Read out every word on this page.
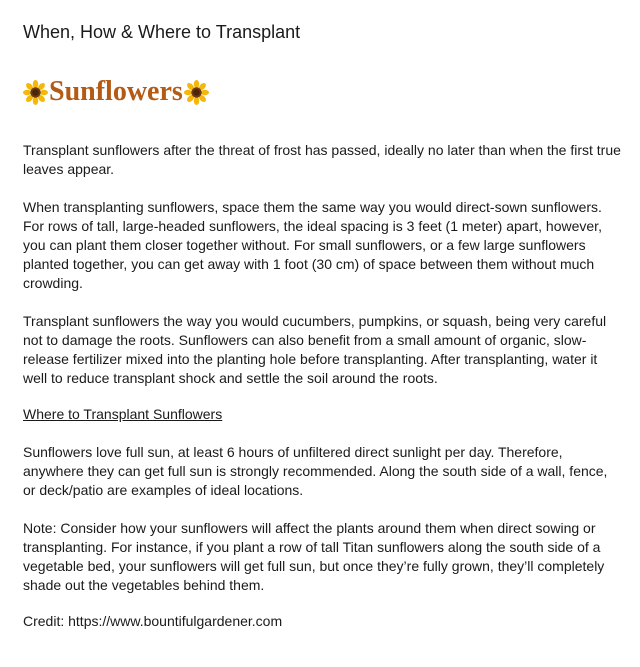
When, How & Where to Transplant
Sunflowers

Transplant sunflowers after the threat of frost has passed, ideally no later than when the first true leaves appear.

When transplanting sunflowers, space them the same way you would direct-sown sunflowers. For rows of tall, large-headed sunflowers, the ideal spacing is 3 feet (1 meter) apart, however, you can plant them closer together without. For small sunflowers, or a few large sunflowers planted together, you can get away with 1 foot (30 cm) of space between them without much crowding.

Transplant sunflowers the way you would cucumbers, pumpkins, or squash, being very careful not to damage the roots. Sunflowers can also benefit from a small amount of organic, slow-release fertilizer mixed into the planting hole before transplanting. After transplanting, water it well to reduce transplant shock and settle the soil around the roots.

Where to Transplant Sunflowers

Sunflowers love full sun, at least 6 hours of unfiltered direct sunlight per day. Therefore, anywhere they can get full sun is strongly recommended. Along the south side of a wall, fence, or deck/patio are examples of ideal locations.

Note: Consider how your sunflowers will affect the plants around them when direct sowing or transplanting. For instance, if you plant a row of tall Titan sunflowers along the south side of a vegetable bed, your sunflowers will get full sun, but once they’re fully grown, they’ll completely shade out the vegetables behind them.

Credit: https://www.bountifulgardener.com
